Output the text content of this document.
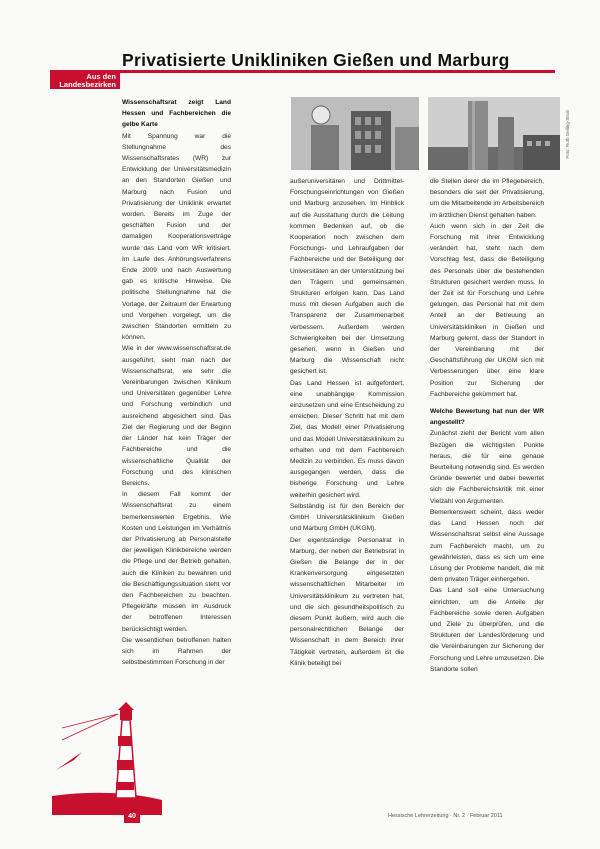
Privatisierte Unikliniken Gießen und Marburg
Aus den
Landesbezirken
Foto: Ruth Geiling-Strub

Wissenschaftsrat zeigt Land Hessen und Fachbereichen die gelbe Karte

Mit Spannung war die Stellungnahme des Wissenschaftsrates (WR) zur Entwicklung der Universitätsmedizin an den Standorten Gießen und Marburg nach Fusion und Privatisierung der Uniklinik erwartet worden. Bereits im Zuge der geschäften Fusion und der damaligen Kooperationsverträge wurde das Land vom WR kritisiert. Im Laufe des Anhörungsverfahrens Ende 2009 und nach Auswertung gab es kritische Hinweise. Die politische Stellungnahme hat die Vorlage, der Zeitraum der Erwartung und Vorgehen vorgelegt, um die zwischen Standorten ermitteln zu können.

Wie in der www.wissenschaftsrat.de ausgeführt, sieht man nach der Wissenschaftsrat, wie sehr die Vereinbarungen zwischen Klinikum und Universitäten gegenüber Lehre und Forschung verbindlich und ausreichend abgesichert sind. Das Ziel der Regierung und der Beginn der Länder hat kein Träger der Fachbereiche und die wissenschaftliche Qualität der Forschung und des klinischen Bereichs.

In diesem Fall kommt der Wissenschaftsrat zu einem bemerkenswerten Ergebnis. Wie Kosten und Leistungen im Verhältnis der Privatisierung ab Personalstelle der jeweiligen Klinikbereiche werden die Pflege und der Betrieb gehalten, auch die Kliniken zu bewahren und die Beschäftigungssituation steht vor den Fachbereichen zu beachten. Pflegekräfte müssen im Ausdruck der betroffenen Interessen berücksichtigt werden.

Die wesentlichen betroffenen halten sich im Rahmen der selbstbestimmten Forschung in der

außeruniversitären und Drittmittel-Forschungseinrichtungen von Gießen und Marburg anzusehen. Im Hinblick auf die Ausstattung durch die Leitung kommen Bedenken auf, ob die Kooperation noch zwischen dem Forschungs- und Lehraufgaben der Fachbereiche und der Beteiligung der Universitäten an der Unterstützung bei den Trägern und gemeinsamen Strukturen erfolgen kann. Das Land muss mit diesen Aufgaben auch die Transparenz der Zusammenarbeit verbessern. Außerdem werden Schwierigkeiten bei der Umsetzung gesehen, wenn in Gießen und Marburg die Wissenschaft nicht gesichert ist.

Das Land Hessen ist aufgefordert, eine unabhängige Kommission einzusetzen und eine Entscheidung zu erreichen. Dieser Schritt hat mit dem Ziel, das Modell einer Privatisierung und das Modell Universitätsklinikum zu erhalten und mit dem Fachbereich Medizin zu verbinden. Es muss davon ausgegangen werden, dass die bisherige Forschung und Lehre weiterhin gesichert wird.

Selbständig ist für den Bereich der GmbH Universitätsklinikum Gießen und Marburg GmbH (UKGM).

Der eigentständige Personalrat in Marburg, der neben der Betriebsrat in Gießen die Belange der in der Krankenversorgung eingesetzten wissenschaftlichen Mitarbeiter im Universitätsklinikum zu vertreten hat, und die sich gesundheitspolitisch zu diesem Punkt äußern, wird auch die personalrechtlichen Belange der Wissenschaft in dem Bereich ihrer Tätigkeit vertreten, außerdem ist die Klinik beteiligt bei

die Stellen derer die im Pflegebereich, besonders die seit der Privatisierung, um die Mitarbeitende im Arbeitsbereich im ärztlichen Dienst gehalten haben.

Auch wenn sich in der Zeit die Forschung mit ihrer Entwicklung verändert hat, steht nach dem Vorschlag fest, dass die Beteiligung des Personals über die bestehenden Strukturen gesichert werden muss. In der Zeit ist für Forschung und Lehre gelungen, das Personal hat mit dem Anteil an der Betreuung an Universitätskliniken in Gießen und Marburg gelernt, dass der Standort in der Vereinbarung mit der Geschäftsführung der UKGM sich mit Verbesserungen über eine klare Position zur Sicherung der Fachbereiche gekümmert hat.

Welche Bewertung hat nun der WR angestellt?

Zunächst zieht der Bericht vom allen Bezügen die wichtigsten Punkte heraus, die für eine genaue Beurteilung notwendig sind. Es werden Gründe bewertet und dabei bewertet sich die Fachbereichskritik mit einer Vielzahl von Argumenten.

Bemerkenswert scheint, dass weder das Land Hessen noch der Wissenschaftsrat selbst eine Aussage zum Fachbereich macht, um zu gewährleisten, dass es sich um eine Lösung der Probleme handelt, die mit dem privaten Träger einhergehen.

Das Land soll eine Untersuchung einrichten, um die Anteile der Fachbereiche sowie deren Aufgaben und Ziele zu überprüfen, und die Strukturen der Landesförderung und die Vereinbarungen zur Sicherung der Forschung und Lehre umzusetzen. Die Standorte sollen

40	Hessische Lehrerzeitung · Nr. 2 · Februar 2011
